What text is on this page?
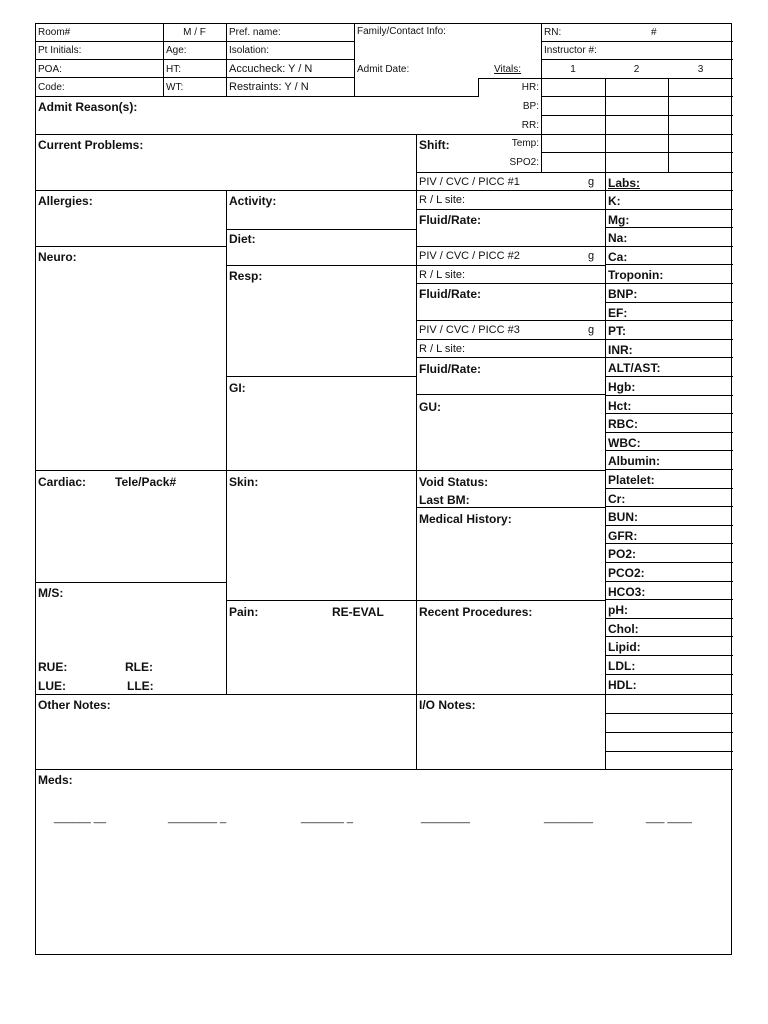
Room#	M / F	Pref. name:	Family/Contact Info:	RN:	#
Pt Initials:	Age:	Isolation:	Instructor #:
POA:	HT:	Accucheck: Y / N	Admit Date:
Code:	WT:	Restraints: Y / N
Vitals:	1	2	3
HR:
BP:
RR:
Temp:
SPO2:
Admit Reason(s):
Current Problems:	Shift:
Allergies:	Activity:
Diet:
Neuro:
Resp:
GI:
GU:
Cardiac: Tele/Pack#	Skin:	Void Status:
Last BM:
Medical History:
M/S:
Pain:	RE-EVAL	Recent Procedures:
RUE:	RLE:
LUE:	LLE:
Other Notes:	I/O Notes:
Meds:
PIV / CVC / PICC #1	g
R / L site:
Fluid/Rate:
PIV / CVC / PICC #2	g
R / L site:
Fluid/Rate:
PIV / CVC / PICC #3	g
R / L site:
Fluid/Rate:
Labs:
K:
Mg:
Na:
Ca:
Troponin:
BNP:
EF:
PT:
INR:
ALT/AST:
Hgb:
Hct:
RBC:
WBC:
Albumin:
Platelet:
Cr:
BUN:
GFR:
PO2:
PCO2:
HCO3:
pH:
Chol:
Lipid:
LDL:
HDL:
______ __	________ _	_______ _	________	________	___ ____
